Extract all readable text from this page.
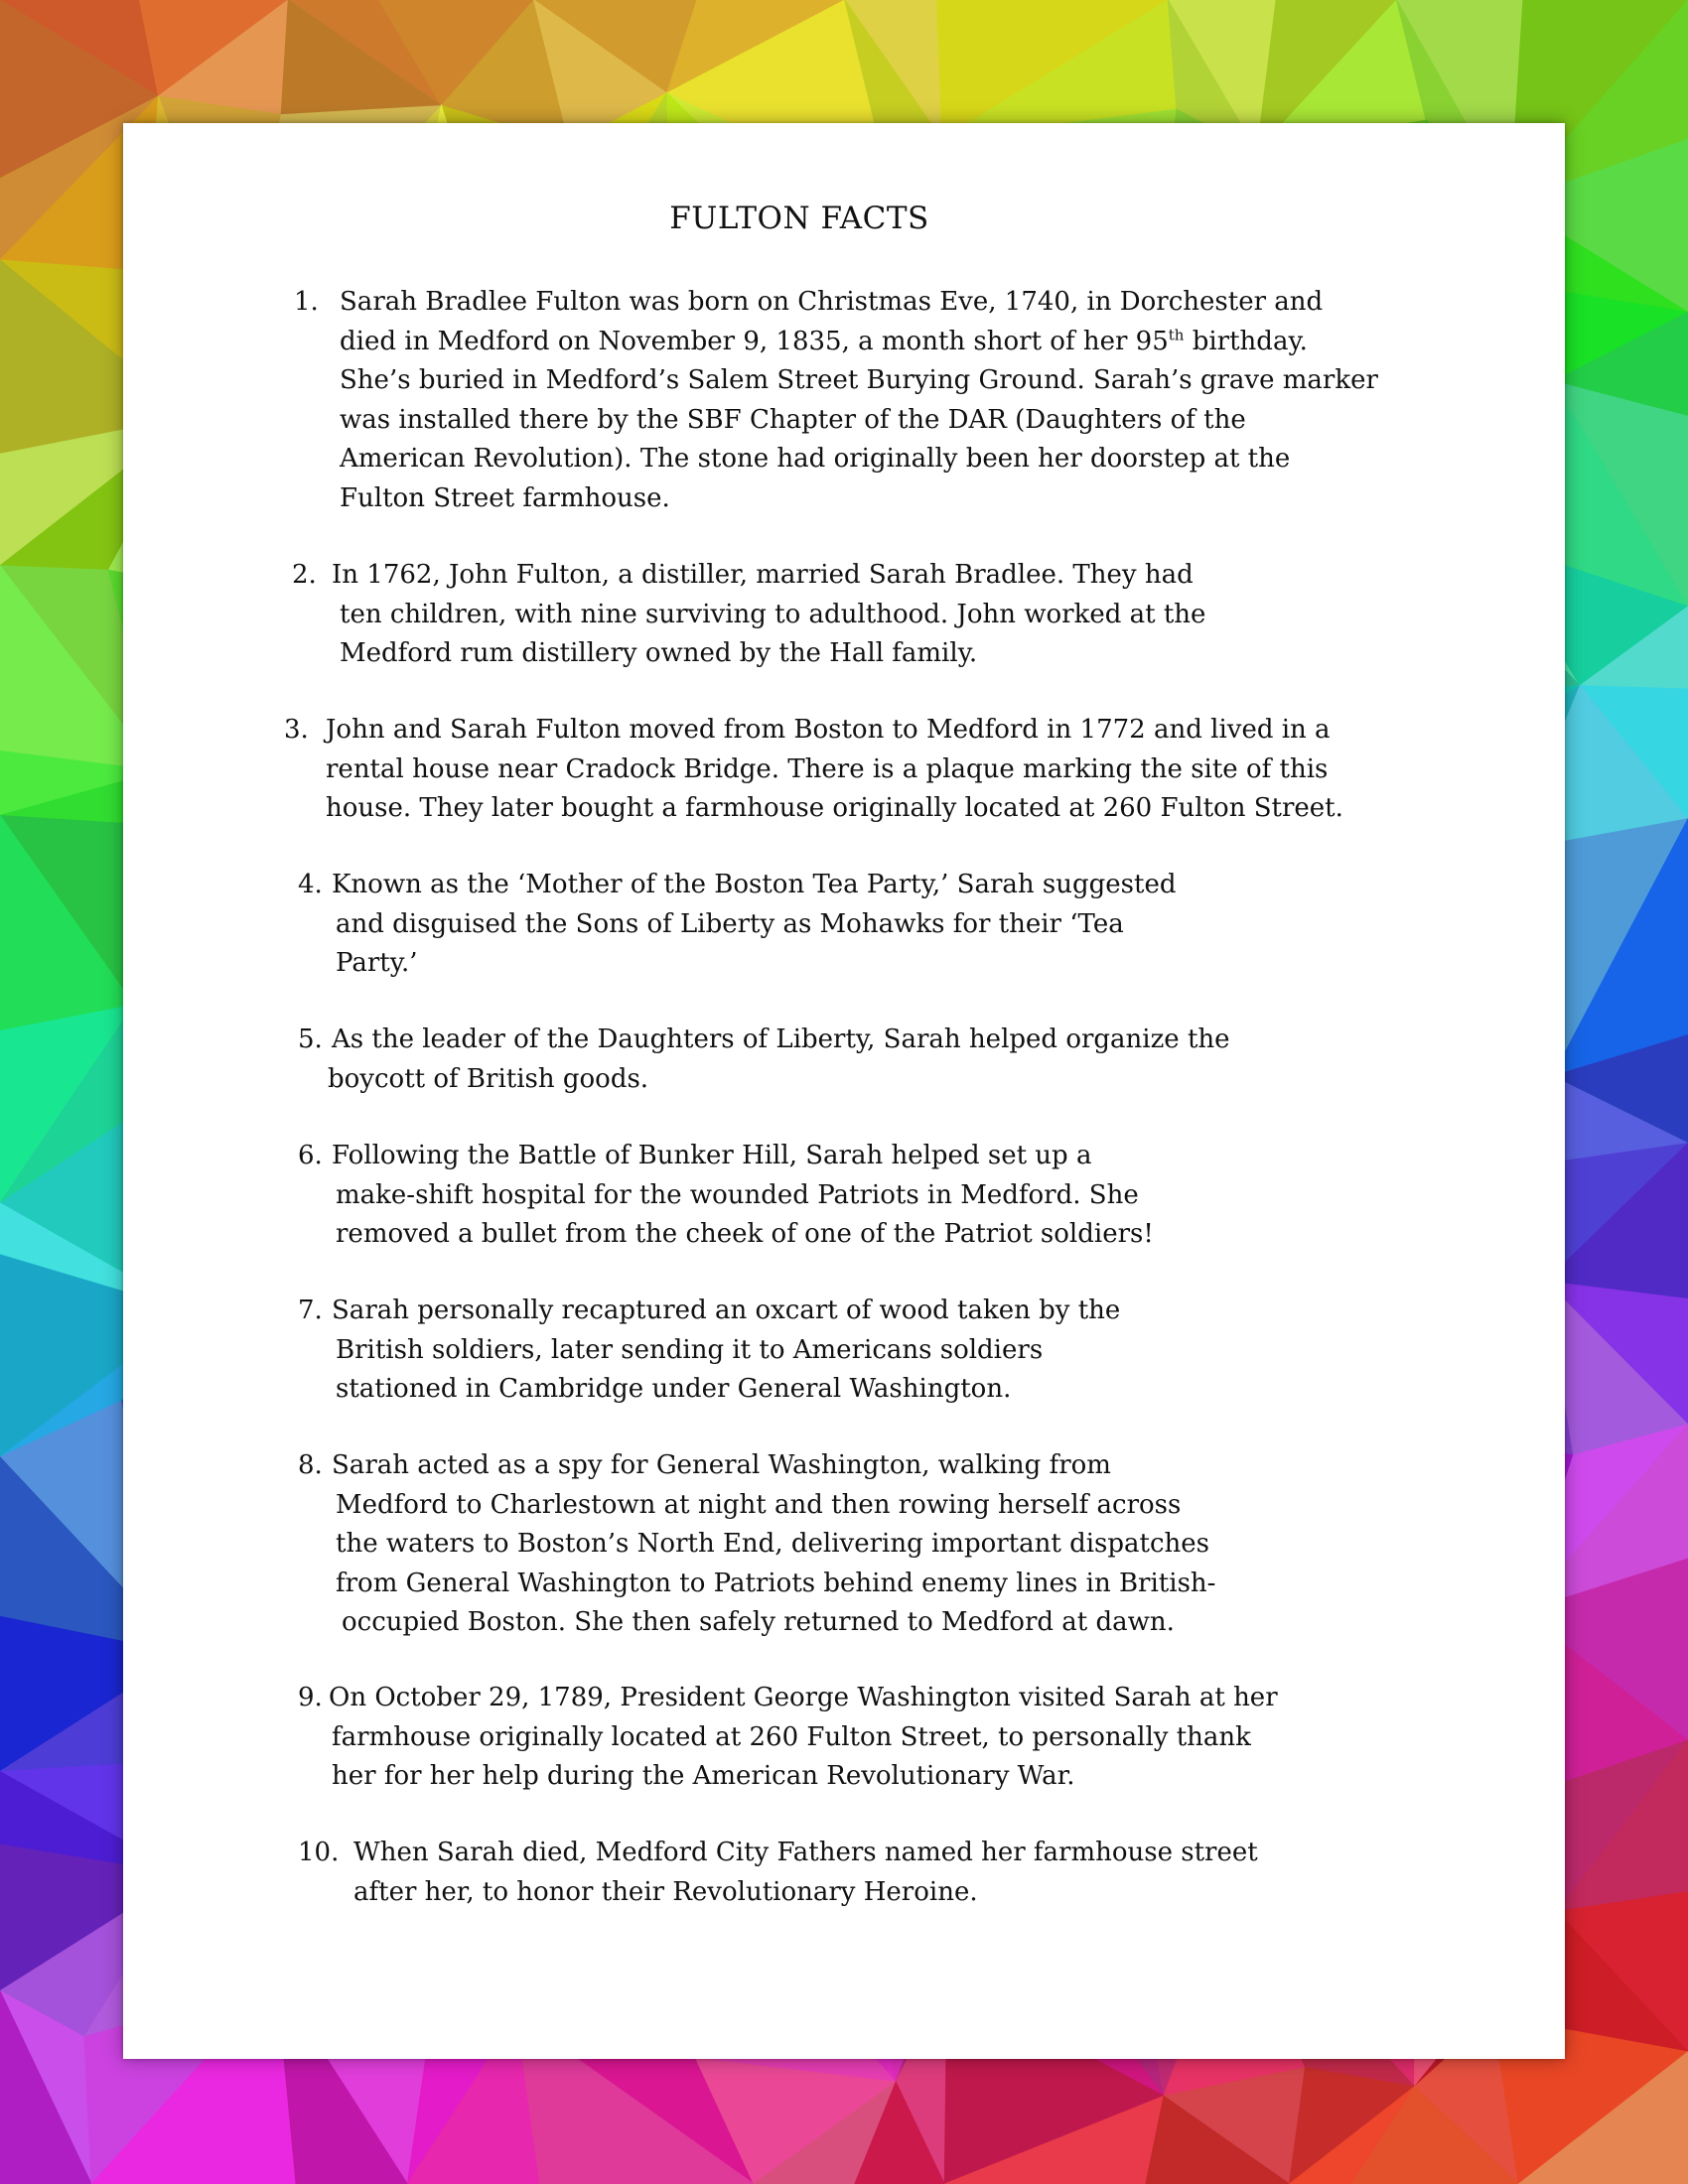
FULTON FACTS
1. Sarah Bradlee Fulton was born on Christmas Eve, 1740, in Dorchester and
died in Medford on November 9, 1835, a month short of her 95th birthday.
She’s buried in Medford’s Salem Street Burying Ground. Sarah’s grave marker
was installed there by the SBF Chapter of the DAR (Daughters of the
American Revolution). The stone had originally been her doorstep at the
Fulton Street farmhouse.
2. In 1762, John Fulton, a distiller, married Sarah Bradlee. They had
ten children, with nine surviving to adulthood. John worked at the
Medford rum distillery owned by the Hall family.
3. John and Sarah Fulton moved from Boston to Medford in 1772 and lived in a
rental house near Cradock Bridge. There is a plaque marking the site of this
house. They later bought a farmhouse originally located at 260 Fulton Street.
4. Known as the ‘Mother of the Boston Tea Party,’ Sarah suggested
and disguised the Sons of Liberty as Mohawks for their ‘Tea
Party.’
5. As the leader of the Daughters of Liberty, Sarah helped organize the
boycott of British goods.
6. Following the Battle of Bunker Hill, Sarah helped set up a
make-shift hospital for the wounded Patriots in Medford. She
removed a bullet from the cheek of one of the Patriot soldiers!
7. Sarah personally recaptured an oxcart of wood taken by the
British soldiers, later sending it to Americans soldiers
stationed in Cambridge under General Washington.
8. Sarah acted as a spy for General Washington, walking from
Medford to Charlestown at night and then rowing herself across
the waters to Boston’s North End, delivering important dispatches
from General Washington to Patriots behind enemy lines in British-
occupied Boston. She then safely returned to Medford at dawn.
9. On October 29, 1789, President George Washington visited Sarah at her
farmhouse originally located at 260 Fulton Street, to personally thank
her for her help during the American Revolutionary War.
10. When Sarah died, Medford City Fathers named her farmhouse street
after her, to honor their Revolutionary Heroine.
